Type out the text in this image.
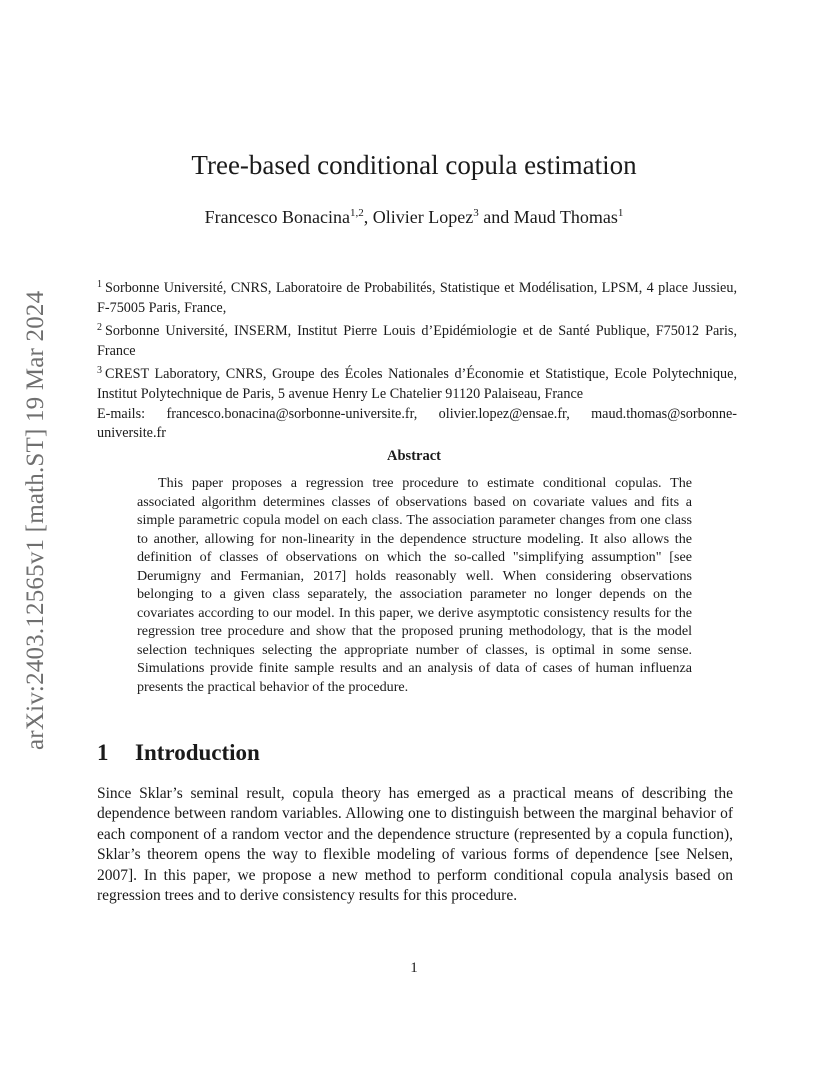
arXiv:2403.12565v1 [math.ST] 19 Mar 2024
Tree-based conditional copula estimation
Francesco Bonacina$^{1,2}$, Olivier Lopez$^3$ and Maud Thomas$^1$

$^1$ Sorbonne Université, CNRS, Laboratoire de Probabilités, Statistique et Modélisation, LPSM, 4 place Jussieu, F-75005 Paris, France,

$^2$ Sorbonne Université, INSERM, Institut Pierre Louis d’Epidémiologie et de Santé Publique, F75012 Paris, France

$^3$ CREST Laboratory, CNRS, Groupe des Écoles Nationales d’Économie et Statistique, Ecole Polytechnique, Institut Polytechnique de Paris, 5 avenue Henry Le Chatelier 91120 Palaiseau, France

E-mails: francesco.bonacina@sorbonne-universite.fr, olivier.lopez@ensae.fr, maud.thomas@sorbonne-universite.fr

Abstract

This paper proposes a regression tree procedure to estimate conditional copulas. The associated algorithm determines classes of observations based on covariate values and fits a simple parametric copula model on each class. The association parameter changes from one class to another, allowing for non-linearity in the dependence structure modeling. It also allows the definition of classes of observations on which the so-called "simplifying assumption" [see Derumigny and Fermanian, 2017] holds reasonably well. When considering observations belonging to a given class separately, the association parameter no longer depends on the covariates according to our model. In this paper, we derive asymptotic consistency results for the regression tree procedure and show that the proposed pruning methodology, that is the model selection techniques selecting the appropriate number of classes, is optimal in some sense. Simulations provide finite sample results and an analysis of data of cases of human influenza presents the practical behavior of the procedure.

1 Introduction

Since Sklar’s seminal result, copula theory has emerged as a practical means of describing the dependence between random variables. Allowing one to distinguish between the marginal behavior of each component of a random vector and the dependence structure (represented by a copula function), Sklar’s theorem opens the way to flexible modeling of various forms of dependence [see Nelsen, 2007]. In this paper, we propose a new method to perform conditional copula analysis based on regression trees and to derive consistency results for this procedure.

1
